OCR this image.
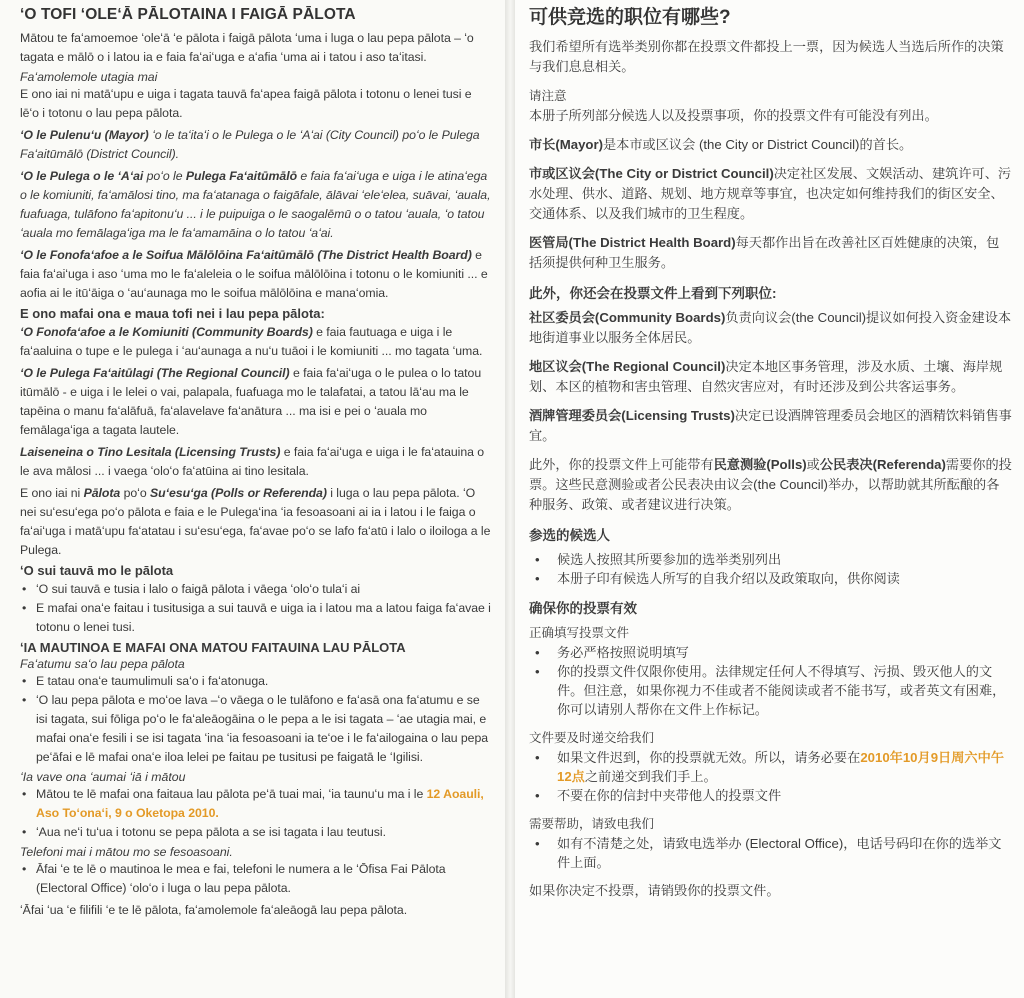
ʻO TOFI ʻOLEʻĀ PĀLOTAINA I FAIGĀ PĀLOTA

Mātou te faʻamoemoe ʻoleʻā ʻe pālota i faigā pālota ʻuma i luga o lau pepa pālota – ʻo tagata e mālō o i latou ia e faia faʻaiʻuga e aʻafia ʻuma ai i tatou i aso taʻitasi.

Faʻamolemole utagia mai

E ono iai ni matāʻupu e uiga i tagata tauvā faʻapea faigā pālota i totonu o lenei tusi e lēʻo i totonu o lau pepa pālota.

ʻO le Pulenuʻu (Mayor) ʻo le taʻitaʻi o le Pulega o le ʻAʻai (City Council) poʻo le Pulega Faʻaitūmālō (District Council).

ʻO le Pulega o le ʻAʻai poʻo le Pulega Faʻaitūmālō e faia faʻaiʻuga e uiga i le atinaʻega o le komiuniti, faʻamālosi tino, ma faʻatanaga o faigāfale, ālāvai ʻeleʻelea, suāvai, ʻauala, fuafuaga, tulāfono faʻapitonuʻu ... i le puipuiga o le saogalēmū o o tatou ʻauala, ʻo tatou ʻauala mo femālagaʻiga ma le faʻamamāina o lo tatou ʻaʻai.

ʻO le Fonofaʻafoe a le Soifua Mālōlōina Faʻaitūmālō (The District Health Board) e faia faʻaiʻuga i aso ʻuma mo le faʻaleleia o le soifua mālōlōina i totonu o le komiuniti ... e aofia ai le itūʻāiga o ʻauʻaunaga mo le soifua mālōlōina e manaʻomia.

E ono mafai ona e maua tofi nei i lau pepa pālota:

ʻO Fonofaʻafoe a le Komiuniti (Community Boards) e faia fautuaga e uiga i le faʻaaluina o tupe e le pulega i ʻauʻaunaga a nuʻu tuāoi i le komiuniti ... mo tagata ʻuma.

ʻO le Pulega Faʻaitūlagi (The Regional Council) e faia faʻaiʻuga o le pulea o lo tatou itūmālō - e uiga i le lelei o vai, palapala, fuafuaga mo le talafatai, a tatou lāʻau ma le tapēina o manu faʻalāfuā, faʻalavelave faʻanātura ... ma isi e pei o ʻauala mo femālagaʻiga a tagata lautele.

Laiseneina o Tino Lesitala (Licensing Trusts) e faia faʻaiʻuga e uiga i le faʻatauina o le ava mālosi ... i vaega ʻoloʻo faʻatūina ai tino lesitala.

E ono iai ni Pālota poʻo Suʻesuʻga (Polls or Referenda) i luga o lau pepa pālota. ʻO nei suʻesuʻega poʻo pālota e faia e le Pulegaʻina ʻia fesoasoani ai ia i latou i le faiga o faʻaiʻuga i matāʻupu faʻatatau i suʻesuʻega, faʻavae poʻo se lafo faʻatū i lalo o iloiloga a le Pulega.

ʻO sui tauvā mo le pālota
• ʻO sui tauvā e tusia i lalo o faigā pālota i vāega ʻoloʻo tulaʻi ai
• E mafai onaʻe faitau i tusitusiga a sui tauvā e uiga ia i latou ma a latou faiga faʻavae i totonu o lenei tusi.
ʻIA MAUTINOA E MAFAI ONA MATOU FAITAUINA LAU PĀLOTA
Faʻatumu saʻo lau pepa pālota
• E tatau onaʻe taumulimuli saʻo i faʻatonuga.
• ʻO lau pepa pālota e moʻoe lava –ʻo vāega o le tulāfono e faʻasā ona faʻatumu e se isi tagata, sui fōliga poʻo le faʻaleāogāina o le pepa a le isi tagata – ʻae utagia mai, e mafai onaʻe fesili i se isi tagata ʻina ʻia fesoasoani ia teʻoe i le faʻailogaina o lau pepa peʻāfai e lē mafai onaʻe iloa lelei pe faitau pe tusitusi pe faigatā le ʻIgilisi.
ʻIa vave ona ʻaumai ʻiā i mātou
• Mātou te lē mafai ona faitaua lau pālota peʻā tuai mai, ʻia taunuʻu ma i le 12 Aoauli, Aso Toʻonaʻi, 9 o Oketopa 2010.
• ʻAua neʻi tuʻua i totonu se pepa pālota a se isi tagata i lau teutusi.
Telefoni mai i mātou mo se fesoasoani.
• Āfai ʻe te lē o mautinoa le mea e fai, telefoni le numera a le ʻŌfisa Fai Pālota (Electoral Office) ʻoloʻo i luga o lau pepa pālota.

ʻĀfai ʻua ʻe filifili ʻe te lē pālota, faʻamolemole faʻaleāogā lau pepa pālota.

可供竞选的职位有哪些?

我们希望所有选举类别你都在投票文件都投上一票，因为候选人当选后所作的决策与我们息息相关。

请注意

本册子所列部分候选人以及投票事项，你的投票文件有可能没有列出。

市长(Mayor)是本市或区议会 (the City or District Council)的首长。

市或区议会(The City or District Council)决定社区发展、文娱活动、建筑许可、污水处理、供水、道路、规划、地方规章等事宜，也决定如何维持我们的街区安全、交通体系、以及我们城市的卫生程度。

医管局(The District Health Board)每天都作出旨在改善社区百姓健康的决策，包括须提供何种卫生服务。

此外，你还会在投票文件上看到下列职位:

社区委员会(Community Boards)负责向议会(the Council)提议如何投入资金建设本地街道事业以服务全体居民。

地区议会(The Regional Council)决定本地区事务管理，涉及水质、土壤、海岸规划、本区的植物和害虫管理、自然灾害应对，有时还涉及到公共客运事务。

酒牌管理委员会(Licensing Trusts)决定已设酒牌管理委员会地区的酒精饮料销售事宜。

此外，你的投票文件上可能带有民意测验(Polls)或公民表决(Referenda)需要你的投票。这些民意测验或者公民表决由议会(the Council)举办，以帮助就其所酝酿的各种服务、政策、或者建议进行决策。

参选的候选人
• 候选人按照其所要参加的选举类别列出
• 本册子印有候选人所写的自我介绍以及政策取向，供你阅读
确保你的投票有效

正确填写投票文件

• 务必严格按照说明填写
• 你的投票文件仅限你使用。法律规定任何人不得填写、污损、毁灭他人的文件。但注意，如果你视力不佳或者不能阅读或者不能书写，或者英文有困难，你可以请别人帮你在文件上作标记。

文件要及时递交给我们

• 如果文件迟到，你的投票就无效。所以，请务必要在2010年10月9日周六中午12点之前递交到我们手上。
• 不要在你的信封中夹带他人的投票文件

需要帮助，请致电我们

• 如有不清楚之处，请致电选举办 (Electoral Office)，电话号码印在你的选举文件上面。

如果你决定不投票，请销毁你的投票文件。
